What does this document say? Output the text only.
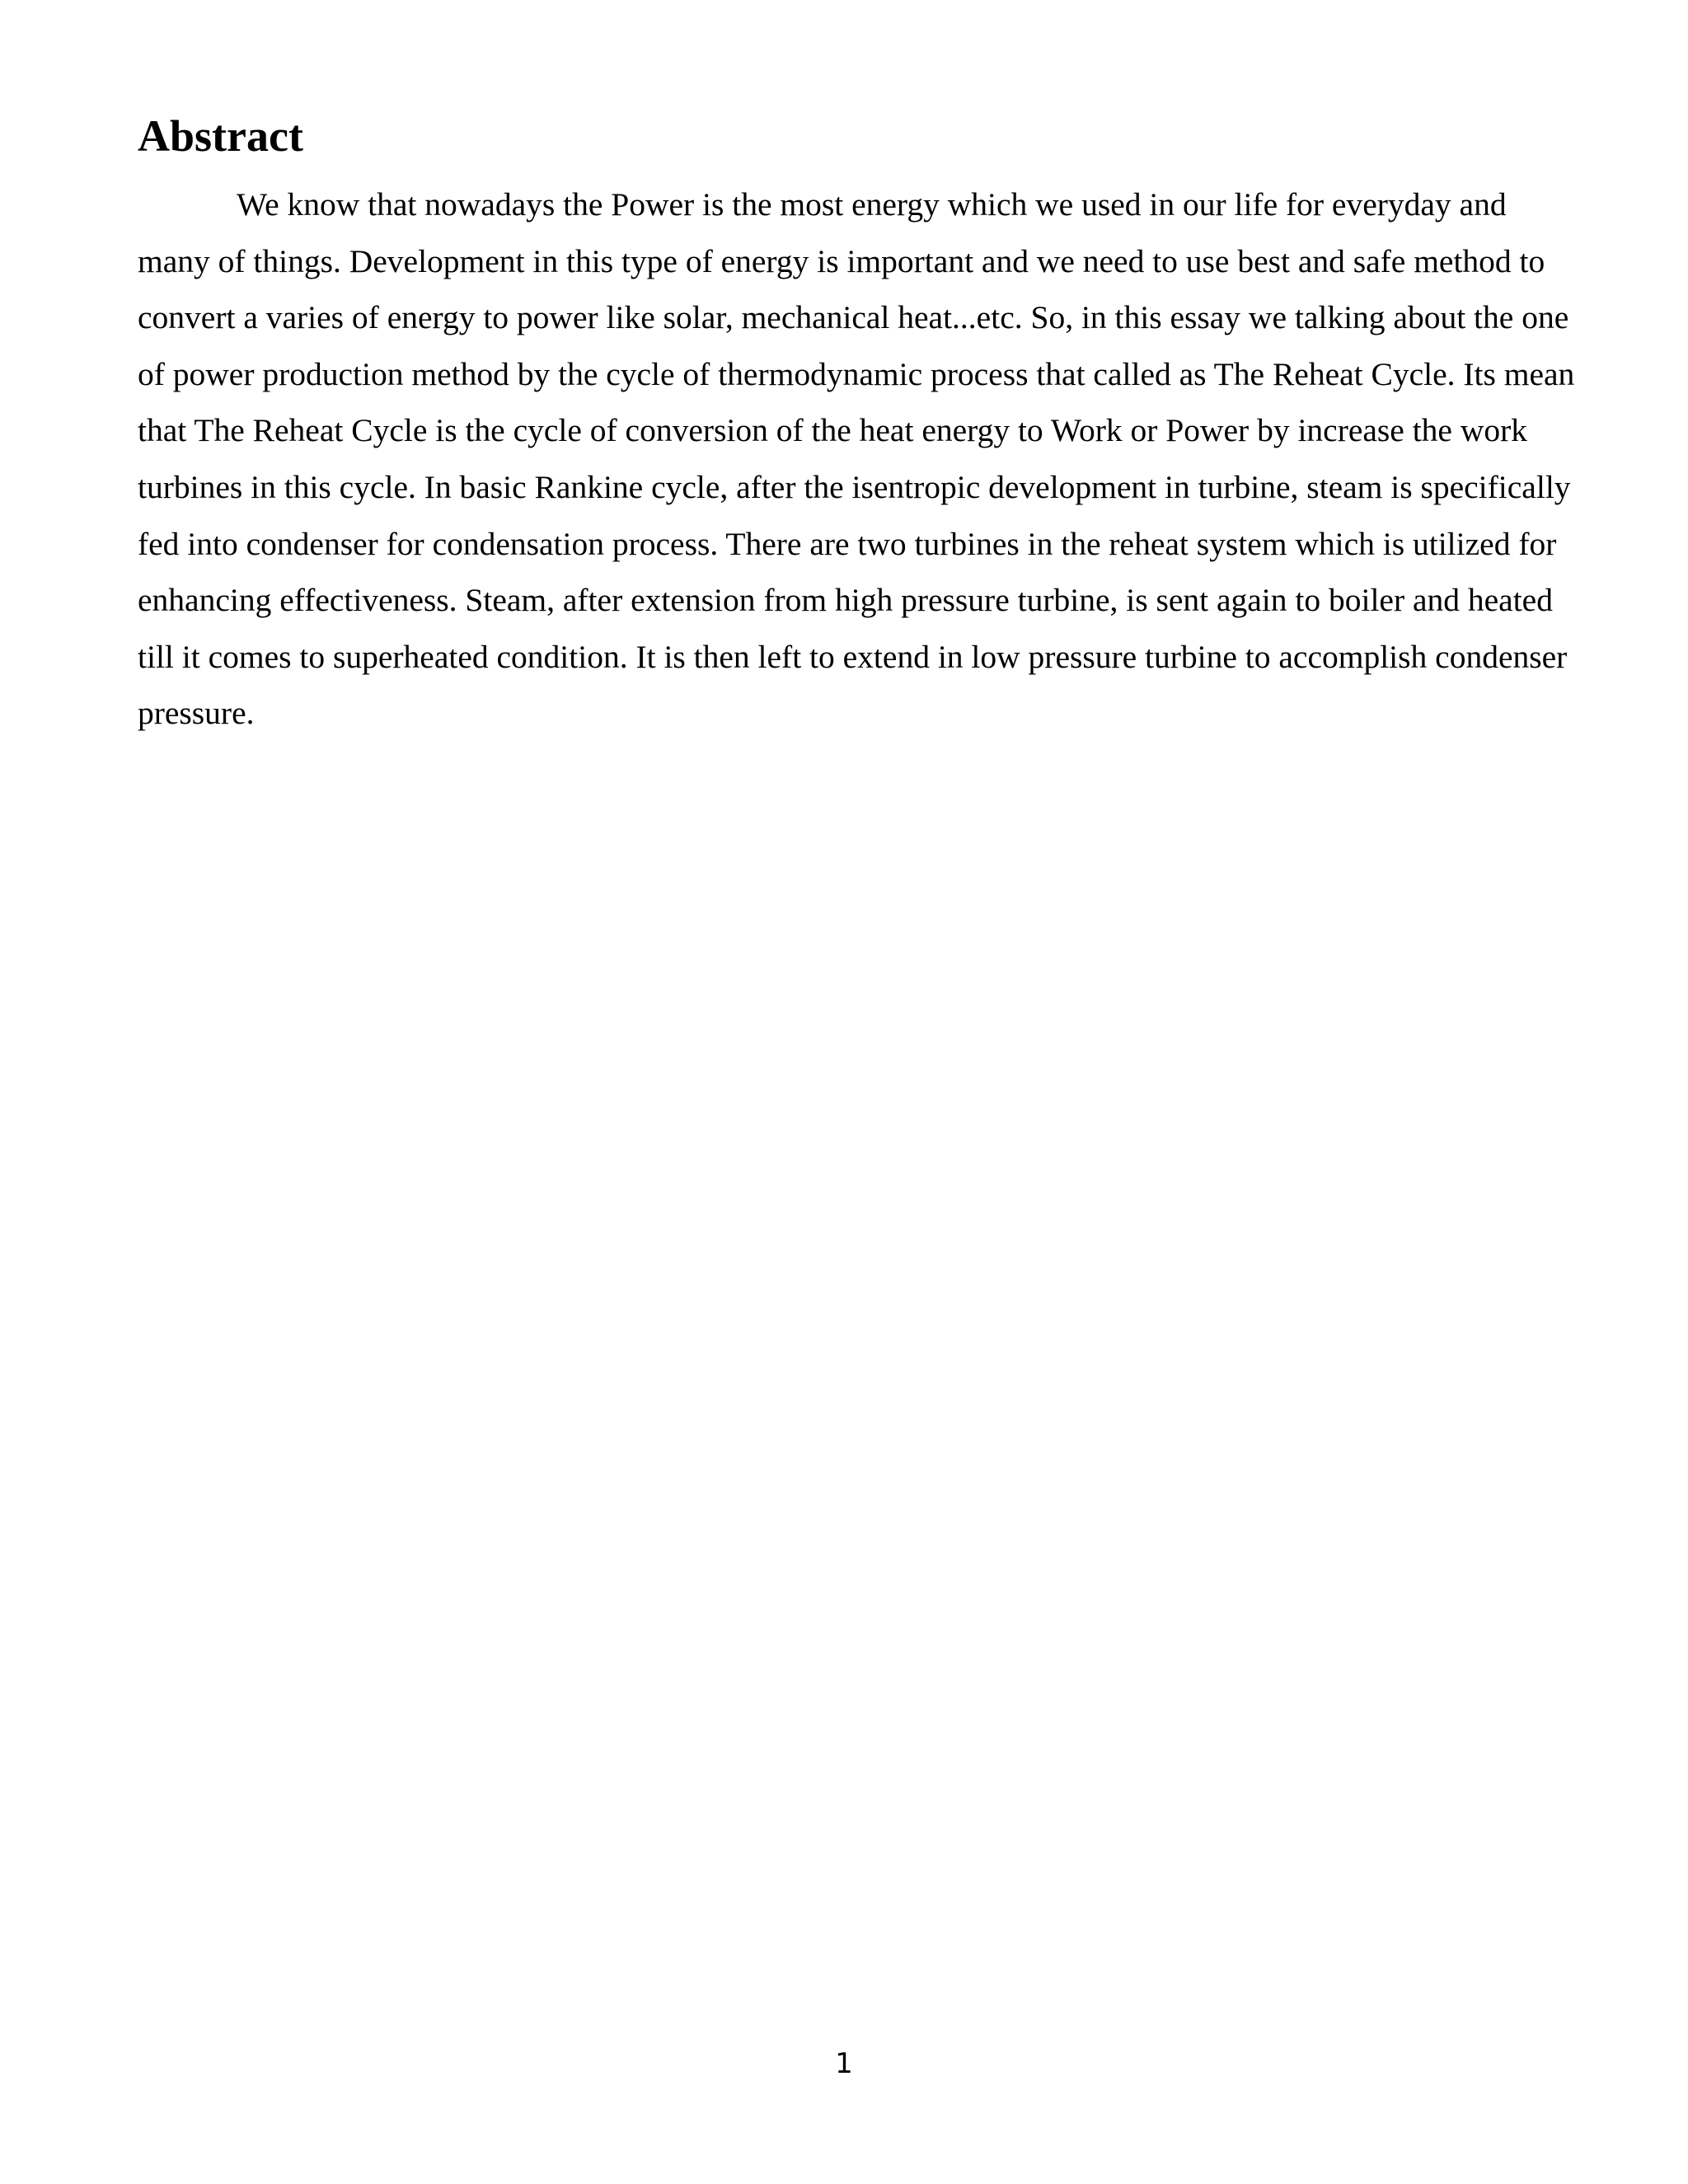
Abstract

We know that nowadays the Power is the most energy which we used in our life for everyday and many of things. Development in this type of energy is important and we need to use best and safe method to convert a varies of energy to power like solar, mechanical heat...etc. So, in this essay we talking about the one of power production method by the cycle of thermodynamic process that called as The Reheat Cycle. Its mean that The Reheat Cycle is the cycle of conversion of the heat energy to Work or Power by increase the work turbines in this cycle. In basic Rankine cycle, after the isentropic development in turbine, steam is specifically fed into condenser for condensation process. There are two turbines in the reheat system which is utilized for enhancing effectiveness. Steam, after extension from high pressure turbine, is sent again to boiler and heated till it comes to superheated condition. It is then left to extend in low pressure turbine to accomplish condenser pressure.

1
